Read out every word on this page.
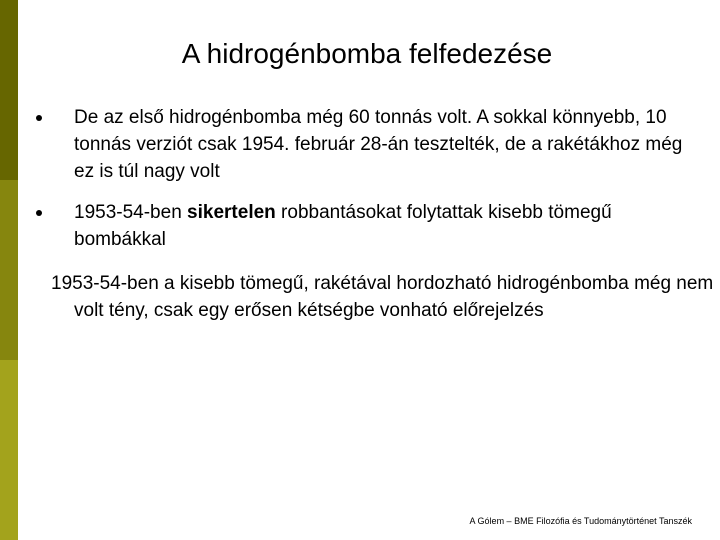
A hidrogénbomba felfedezése
De az első hidrogénbomba még 60 tonnás volt. A sokkal könnyebb, 10 tonnás verziót csak 1954. február 28-án tesztelték, de a rakétákhoz még ez is túl nagy volt
1953-54-ben sikertelen robbantásokat folytattak kisebb tömegű bombákkal
1953-54-ben a kisebb tömegű, rakétával hordozható hidrogénbomba még nem volt tény, csak egy erősen kétségbe vonható előrejelzés
A Gólem – BME Filozófia és Tudománytörténet Tanszék
